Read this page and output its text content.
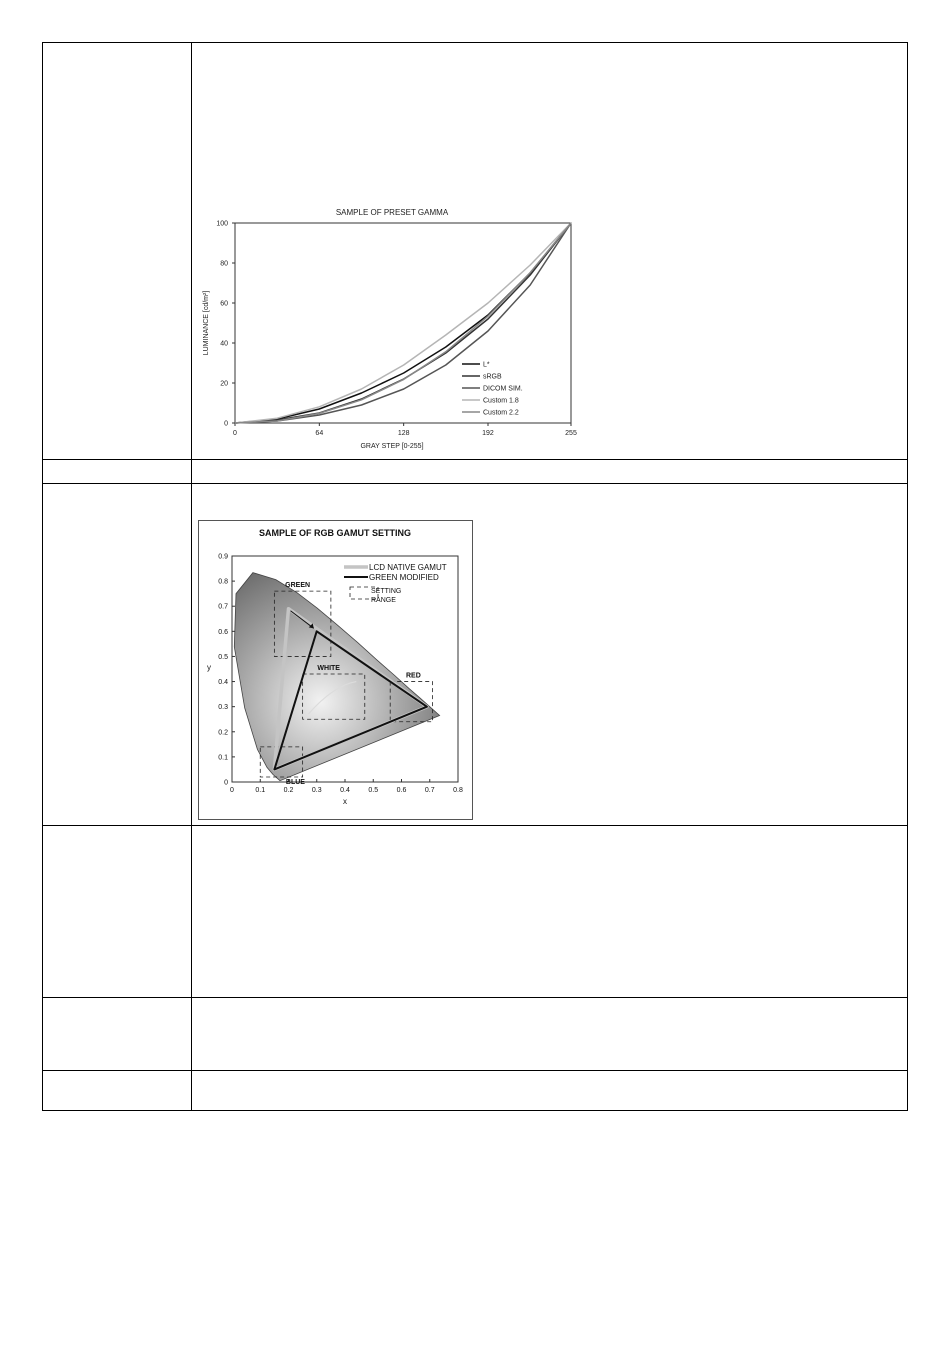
SAMPLE OF PRESET GAMMA
GRAY STEP [0-255]
LUMINANCE [cd/m²]
0
20
40
60
80
100
0	64	128	192	255
L*
sRGB
DICOM SIM.
Custom 1.8
Custom 2.2
SAMPLE OF RGB GAMUT SETTING
x
y
0
0.1
0.2
0.3
0.4
0.5
0.6
0.7
0.8
0.9
0	0.1	0.2	0.3	0.4	0.5	0.6	0.7	0.8
GREEN
WHITE
RED
BLUE
LCD NATIVE GAMUT
GREEN MODIFIED
SETTING
RANGE
